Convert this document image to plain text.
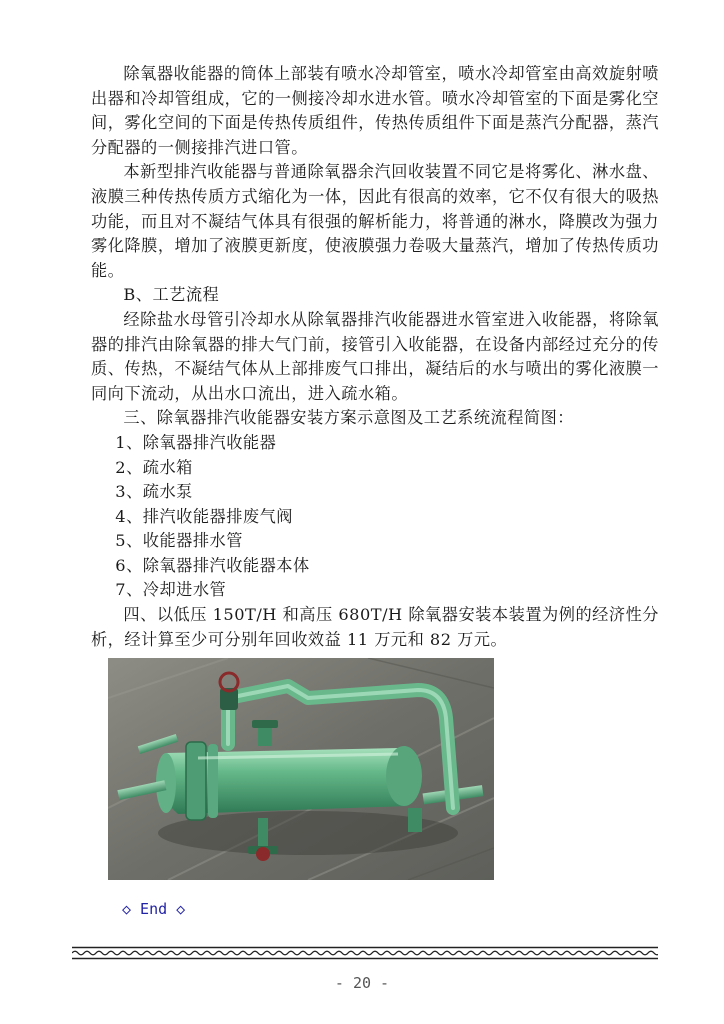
除氧器收能器的筒体上部装有喷水冷却管室，喷水冷却管室由高效旋射喷出器和冷却管组成，它的一侧接冷却水进水管。喷水冷却管室的下面是雾化空间，雾化空间的下面是传热传质组件，传热传质组件下面是蒸汽分配器，蒸汽分配器的一侧接排汽进口管。

本新型排汽收能器与普通除氧器余汽回收装置不同它是将雾化、淋水盘、液膜三种传热传质方式缩化为一体，因此有很高的效率，它不仅有很大的吸热功能，而且对不凝结气体具有很强的解析能力，将普通的淋水，降膜改为强力雾化降膜，增加了液膜更新度，使液膜强力卷吸大量蒸汽，增加了传热传质功能。

B、工艺流程

经除盐水母管引冷却水从除氧器排汽收能器进水管室进入收能器，将除氧器的排汽由除氧器的排大气门前，接管引入收能器，在设备内部经过充分的传质、传热，不凝结气体从上部排废气口排出，凝结后的水与喷出的雾化液膜一同向下流动，从出水口流出，进入疏水箱。

三、除氧器排汽收能器安装方案示意图及工艺系统流程简图：

1、除氧器排汽收能器

2、疏水箱

3、疏水泵

4、排汽收能器排废气阀

5、收能器排水管

6、除氧器排汽收能器本体

7、冷却进水管

四、以低压 150T/H 和高压 680T/H 除氧器安装本装置为例的经济性分析，经计算至少可分别年回收效益 11 万元和 82 万元。

◇ End ◇
- 20 -
